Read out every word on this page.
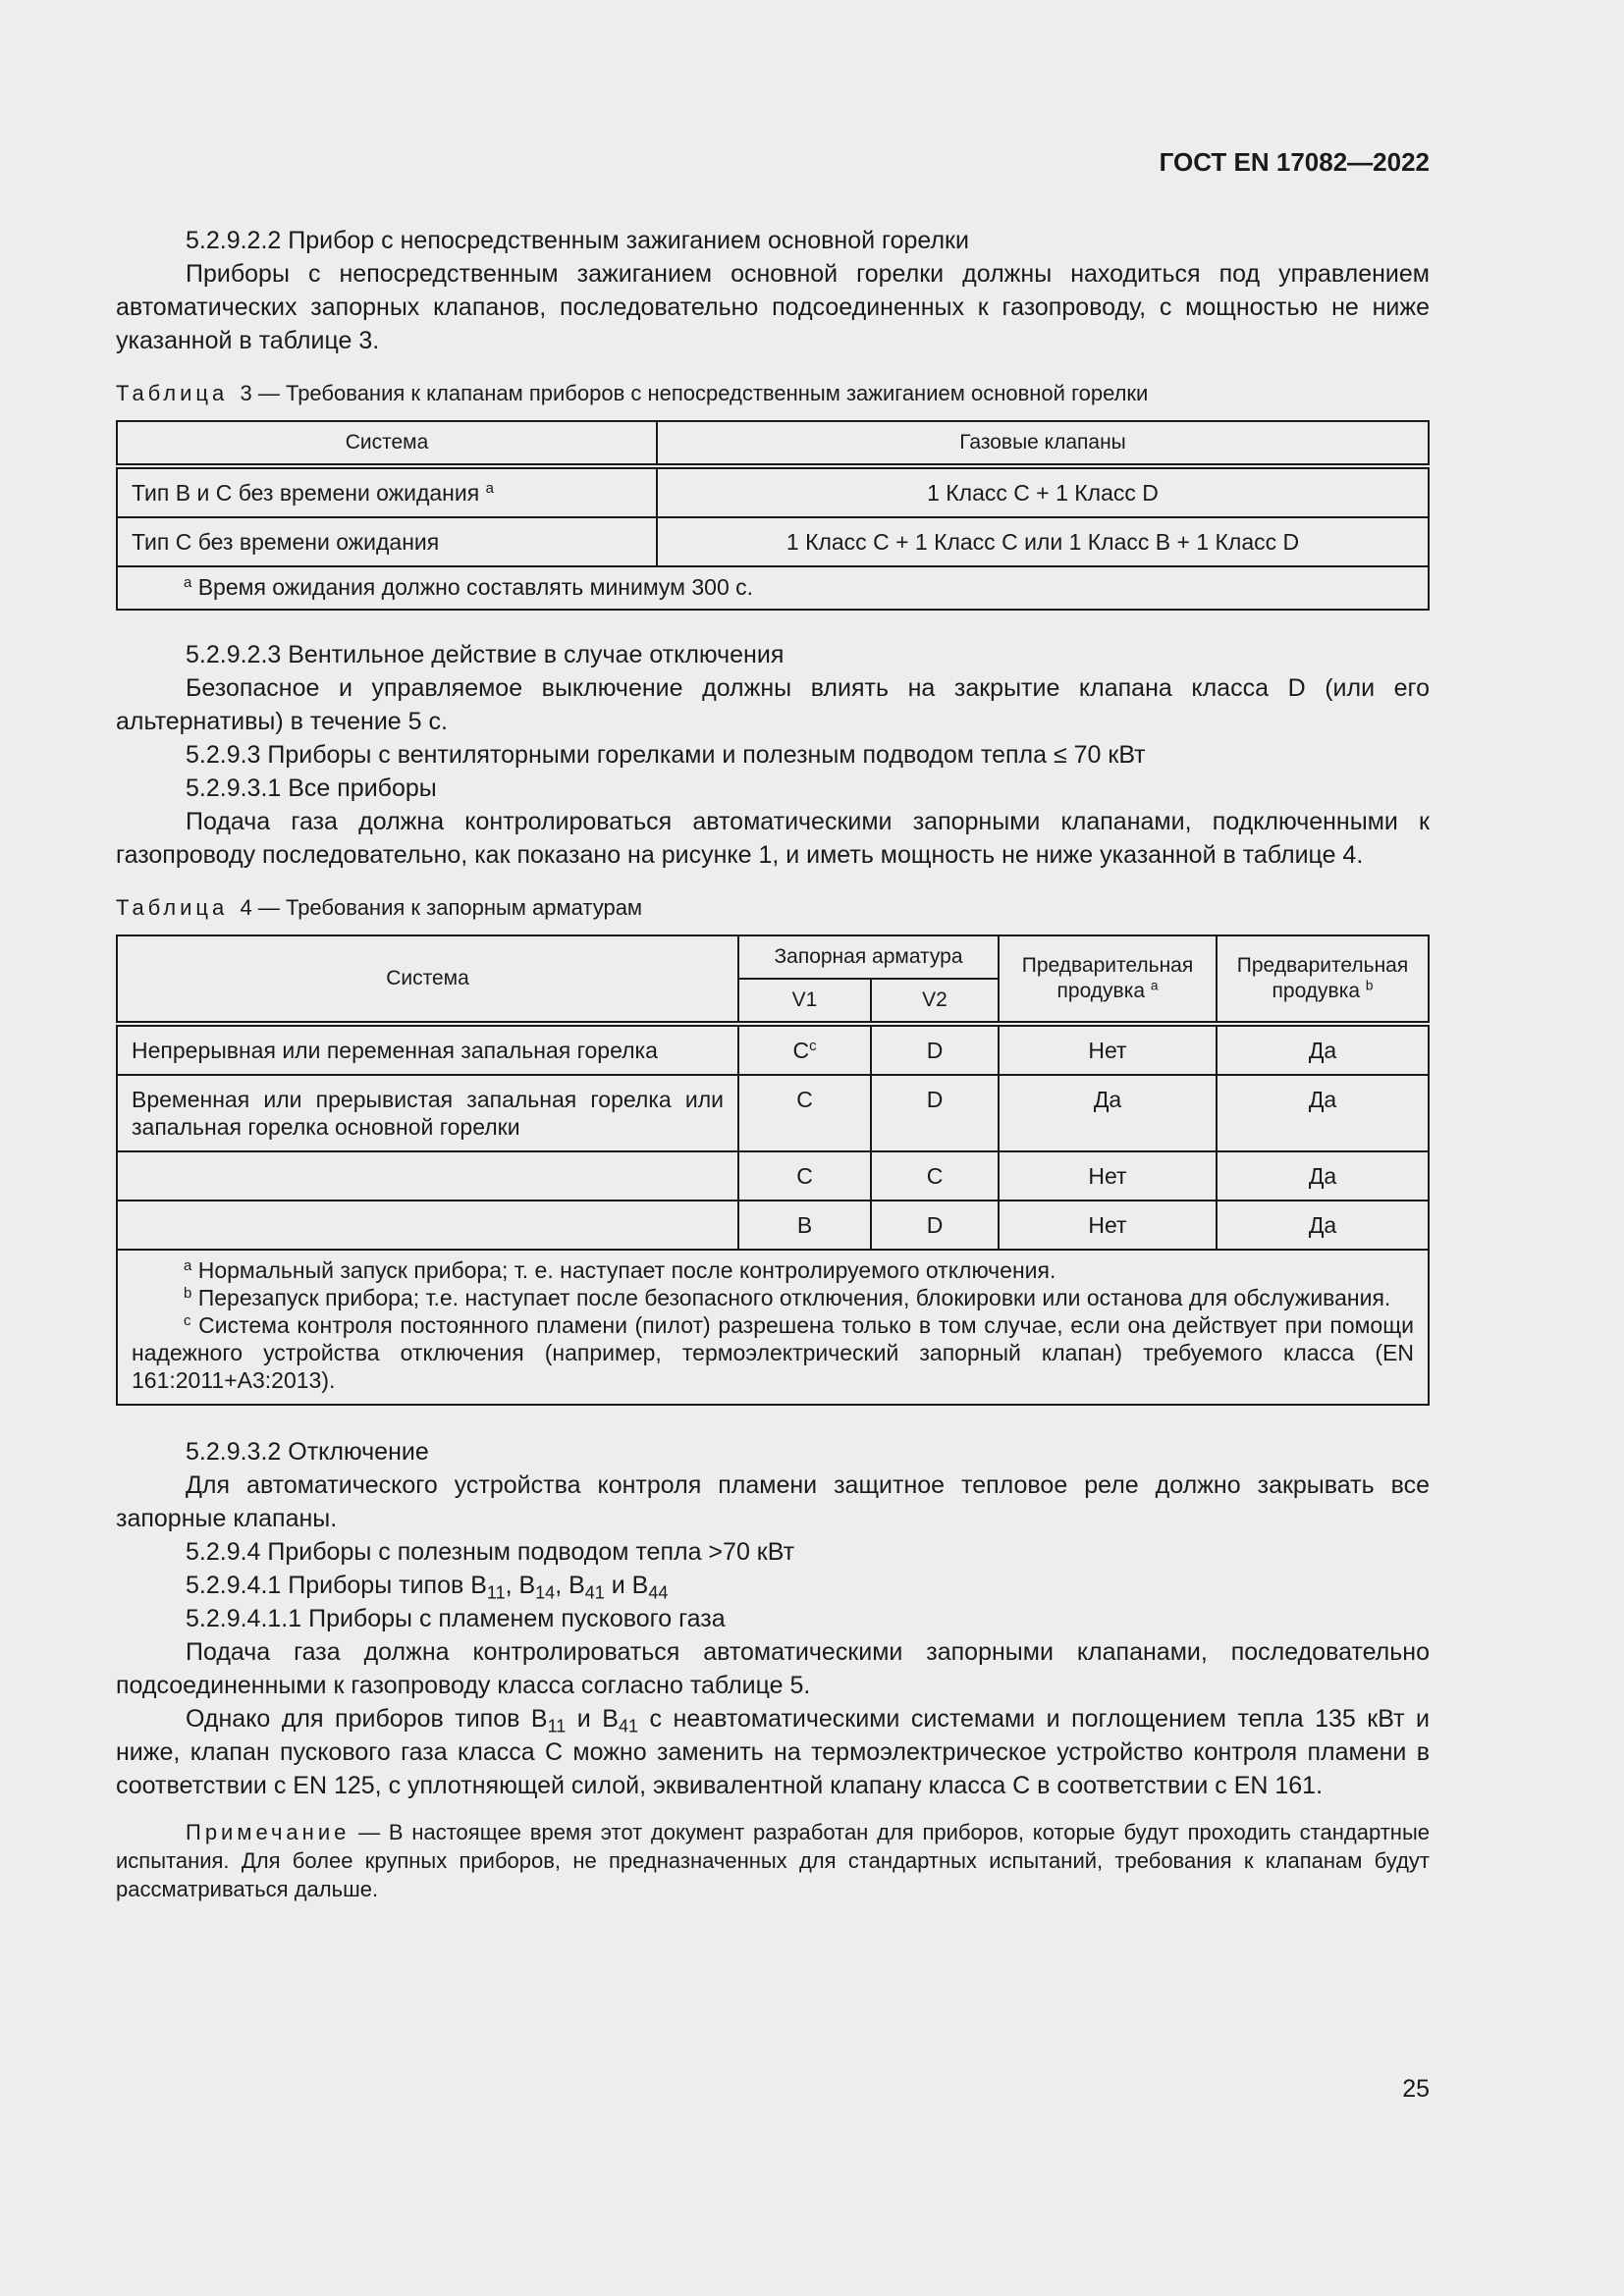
ГОСТ EN 17082—2022

5.2.9.2.2 Прибор с непосредственным зажиганием основной горелки

Приборы с непосредственным зажиганием основной горелки должны находиться под управлением автоматических запорных клапанов, последовательно подсоединенных к газопроводу, с мощностью не ниже указанной в таблице 3.

Таблица 3 — Требования к клапанам приборов с непосредственным зажиганием основной горелки

Система	Газовые клапаны
Тип В и С без времени ожидания $^a$	1 Класс С + 1 Класс D
Тип С без времени ожидания	1 Класс С + 1 Класс С или 1 Класс В + 1 Класс D

$^a$ Время ожидания должно составлять минимум 300 с.	

5.2.9.2.3 Вентильное действие в случае отключения

Безопасное и управляемое выключение должны влиять на закрытие клапана класса D (или его альтернативы) в течение 5 с.

5.2.9.3 Приборы с вентиляторными горелками и полезным подводом тепла ≤ 70 кВт

5.2.9.3.1 Все приборы

Подача газа должна контролироваться автоматическими запорными клапанами, подключенными к газопроводу последовательно, как показано на рисунке 1, и иметь мощность не ниже указанной в таблице 4.

Таблица 4 — Требования к запорным арматурам

Система	Запорная арматура		Предварительная продувка $^a$	Предварительная продувка $^b$
	V1	V2		
Непрерывная или переменная запальная горелка	$C^c$	D	Нет	Да
Временная или прерывистая запальная горелка или запальная горелка основной горелки	C	D	Да	Да
	C	C	Нет	Да
	B	D	Нет	Да

$^a$ Нормальный запуск прибора; т. е. наступает после контролируемого отключения.
$^b$ Перезапуск прибора; т.е. наступает после безопасного отключения, блокировки или останова для обслуживания.
$^c$ Система контроля постоянного пламени (пилот) разрешена только в том случае, если она действует при помощи надежного устройства отключения (например, термоэлектрический запорный клапан) требуемого класса (EN 161:2011+А3:2013).				

5.2.9.3.2 Отключение

Для автоматического устройства контроля пламени защитное тепловое реле должно закрывать все запорные клапаны.

5.2.9.4 Приборы с полезным подводом тепла >70 кВт

5.2.9.4.1 Приборы типов $В_{11}$, $В_{14}$, $В_{41}$ и $В_{44}$

5.2.9.4.1.1 Приборы с пламенем пускового газа

Подача газа должна контролироваться автоматическими запорными клапанами, последовательно подсоединенными к газопроводу класса согласно таблице 5.

Однако для приборов типов $В_{11}$ и $В_{41}$ с неавтоматическими системами и поглощением тепла 135 кВт и ниже, клапан пускового газа класса С можно заменить на термоэлектрическое устройство контроля пламени в соответствии с EN 125, с уплотняющей силой, эквивалентной клапану класса С в соответствии с EN 161.

Примечание — В настоящее время этот документ разработан для приборов, которые будут проходить стандартные испытания. Для более крупных приборов, не предназначенных для стандартных испытаний, требования к клапанам будут рассматриваться дальше.

25
